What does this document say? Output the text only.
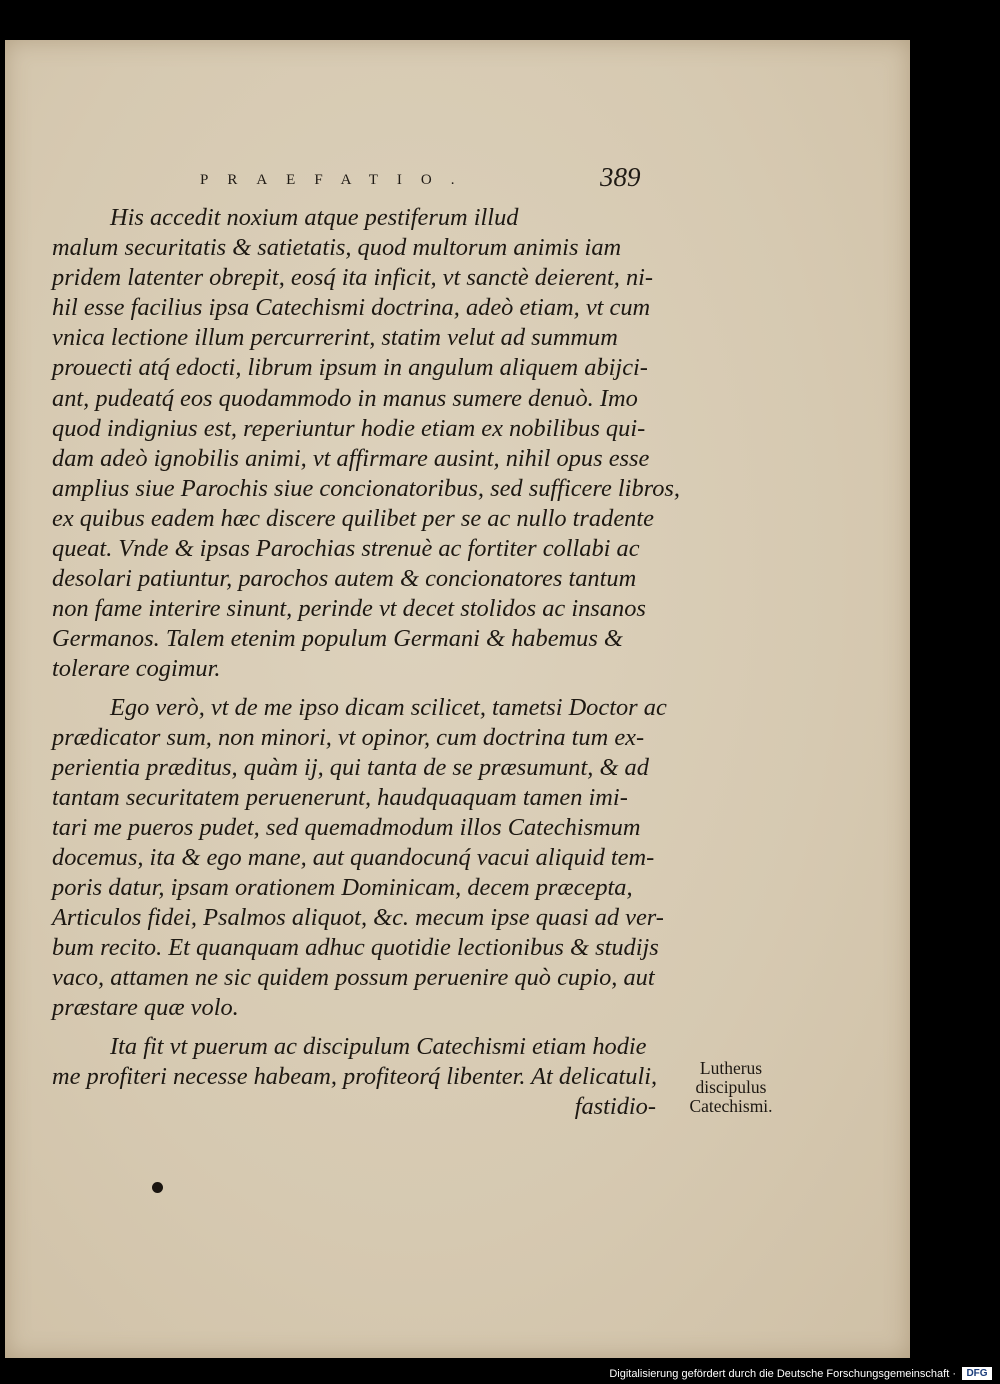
PRAEFATIO.	389
His accedit noxium atque pestiferum illud
malum securitatis & satietatis, quod multorum animis iam
pridem latenter obrepit, eosq́ ita inficit, vt sanctè deierent, ni-
hil esse facilius ipsa Catechismi doctrina, adeò etiam, vt cum
vnica lectione illum percurrerint, statim velut ad summum
prouecti atq́ edocti, librum ipsum in angulum aliquem abijci-
ant, pudeatq́ eos quodammodo in manus sumere denuò. Imo
quod indignius est, reperiuntur hodie etiam ex nobilibus qui-
dam adeò ignobilis animi, vt affirmare ausint, nihil opus esse
amplius siue Parochis siue concionatoribus, sed sufficere libros,
ex quibus eadem hæc discere quilibet per se ac nullo tradente
queat. Vnde & ipsas Parochias strenuè ac fortiter collabi ac
desolari patiuntur, parochos autem & concionatores tantum
non fame interire sinunt, perinde vt decet stolidos ac insanos
Germanos. Talem etenim populum Germani & habemus &
tolerare cogimur.
Ego verò, vt de me ipso dicam scilicet, tametsi Doctor ac
prædicator sum, non minori, vt opinor, cum doctrina tum ex-
perientia præditus, quàm ij, qui tanta de se præsumunt, & ad
tantam securitatem peruenerunt, haudquaquam tamen imi-
tari me pueros pudet, sed quemadmodum illos Catechismum
docemus, ita & ego mane, aut quandocunq́ vacui aliquid tem-
poris datur, ipsam orationem Dominicam, decem præcepta,
Articulos fidei, Psalmos aliquot, &c. mecum ipse quasi ad ver-
bum recito. Et quanquam adhuc quotidie lectionibus & studijs
vaco, attamen ne sic quidem possum peruenire quò cupio, aut
præstare quæ volo.
Ita fit vt puerum ac discipulum Catechismi etiam hodie
me profiteri necesse habeam, profiteorq́ libenter. At delicatuli,
fastidio-
Lutherus
discipulus
Catechismi.
Digitalisierung gefördert durch die Deutsche Forschungsgemeinschaft ·	DFG
